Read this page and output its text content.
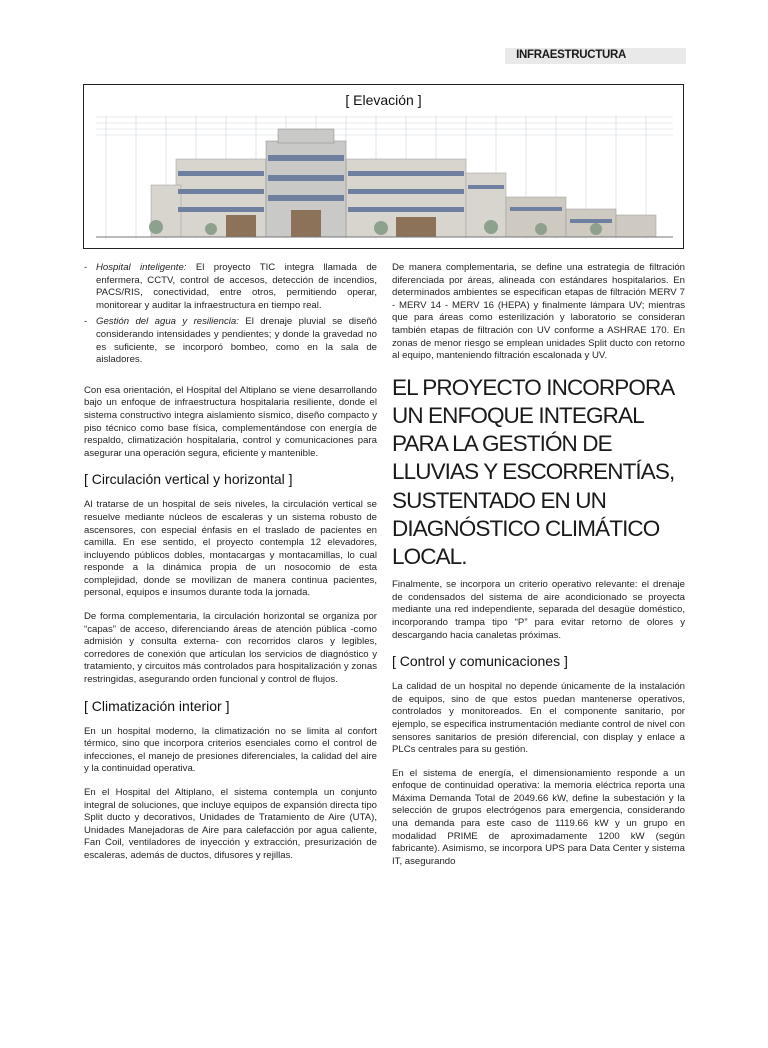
INFRAESTRUCTURA
[ Elevación ]
- Hospital inteligente: El proyecto TIC integra llamada de enfermera, CCTV, control de accesos, detección de incendios, PACS/RIS, conectividad, entre otros, permitiendo operar, monitorear y auditar la infraestructura en tiempo real.
- Gestión del agua y resiliencia: El drenaje pluvial se diseñó considerando intensidades y pendientes; y donde la gravedad no es suficiente, se incorporó bombeo, como en la sala de aisladores.

Con esa orientación, el Hospital del Altiplano se viene desarrollando bajo un enfoque de infraestructura hospitalaria resiliente, donde el sistema constructivo integra aislamiento sísmico, diseño compacto y piso técnico como base física, complementándose con energía de respaldo, climatización hospitalaria, control y comunicaciones para asegurar una operación segura, eficiente y mantenible.

[ Circulación vertical y horizontal ]

Al tratarse de un hospital de seis niveles, la circulación vertical se resuelve mediante núcleos de escaleras y un sistema robusto de ascensores, con especial énfasis en el traslado de pacientes en camilla. En ese sentido, el proyecto contempla 12 elevadores, incluyendo públicos dobles, montacargas y montacamillas, lo cual responde a la dinámica propia de un nosocomio de esta complejidad, donde se movilizan de manera continua pacientes, personal, equipos e insumos durante toda la jornada.

De forma complementaria, la circulación horizontal se organiza por “capas” de acceso, diferenciando áreas de atención pública -como admisión y consulta externa- con recorridos claros y legibles, corredores de conexión que articulan los servicios de diagnóstico y tratamiento, y circuitos más controlados para hospitalización y zonas restringidas, asegurando orden funcional y control de flujos.

[ Climatización interior ]

En un hospital moderno, la climatización no se limita al confort térmico, sino que incorpora criterios esenciales como el control de infecciones, el manejo de presiones diferenciales, la calidad del aire y la continuidad operativa.

En el Hospital del Altiplano, el sistema contempla un conjunto integral de soluciones, que incluye equipos de expansión directa tipo Split ducto y decorativos, Unidades de Tratamiento de Aire (UTA), Unidades Manejadoras de Aire para calefacción por agua caliente, Fan Coil, ventiladores de inyección y extracción, presurización de escaleras, además de ductos, difusores y rejillas.

De manera complementaria, se define una estrategia de filtración diferenciada por áreas, alineada con estándares hospitalarios. En determinados ambientes se especifican etapas de filtración MERV 7 - MERV 14 - MERV 16 (HEPA) y finalmente lámpara UV; mientras que para áreas como esterilización y laboratorio se consideran también etapas de filtración con UV conforme a ASHRAE 170. En zonas de menor riesgo se emplean unidades Split ducto con retorno al equipo, manteniendo filtración escalonada y UV.

EL PROYECTO INCORPORA UN ENFOQUE INTEGRAL PARA LA GESTIÓN DE LLUVIAS Y ESCORRENTÍAS, SUSTENTADO EN UN DIAGNÓSTICO CLIMÁTICO LOCAL.

Finalmente, se incorpora un criterio operativo relevante: el drenaje de condensados del sistema de aire acondicionado se proyecta mediante una red independiente, separada del desagüe doméstico, incorporando trampa tipo “P” para evitar retorno de olores y descargando hacia canaletas próximas.

[ Control y comunicaciones ]

La calidad de un hospital no depende únicamente de la instalación de equipos, sino de que estos puedan mantenerse operativos, controlados y monitoreados. En el componente sanitario, por ejemplo, se especifica instrumentación mediante control de nivel con sensores sanitarios de presión diferencial, con display y enlace a PLCs centrales para su gestión.

En el sistema de energía, el dimensionamiento responde a un enfoque de continuidad operativa: la memoria eléctrica reporta una Máxima Demanda Total de 2049.66 kW, define la subestación y la selección de grupos electrógenos para emergencia, considerando una demanda para este caso de 1119.66 kW y un grupo en modalidad PRIME de aproximadamente 1200 kW (según fabricante). Asimismo, se incorpora UPS para Data Center y sistema IT, asegurando
